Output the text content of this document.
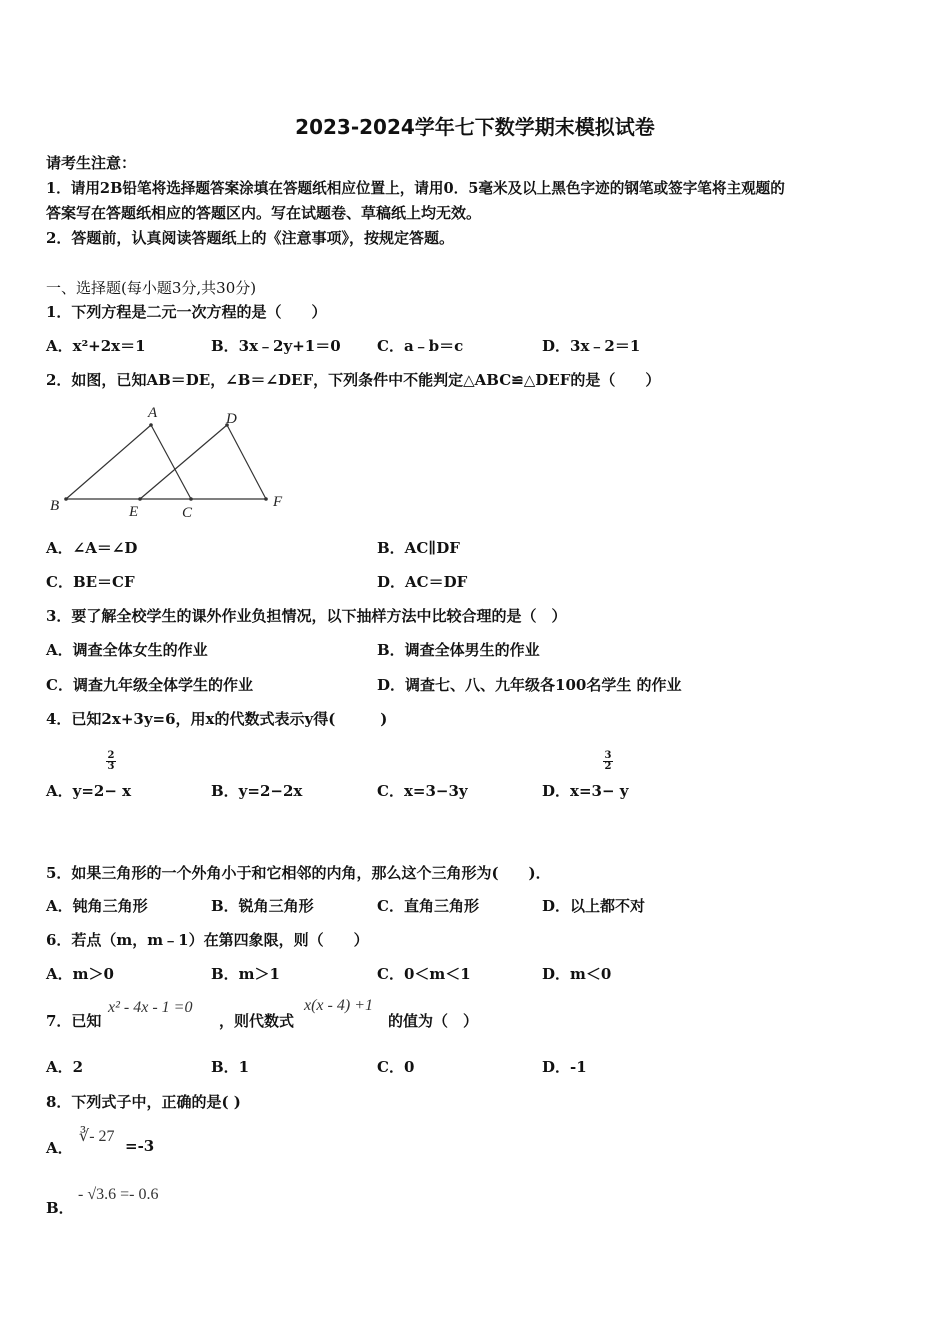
2023-2024学年七下数学期末模拟试卷
请考生注意：
1．请用2B铅笔将选择题答案涂填在答题纸相应位置上，请用0．5毫米及以上黑色字迹的钢笔或签字笔将主观题的
答案写在答题纸相应的答题区内。写在试题卷、草稿纸上均无效。
2．答题前，认真阅读答题纸上的《注意事项》，按规定答题。
一、选择题(每小题3分,共30分)
1．下列方程是二元一次方程的是（　　）
A．x²+2x＝1	B．3x﹣2y+1＝0 C．a﹣b＝c	D．3x﹣2＝1
2．如图，已知AB＝DE，∠B＝∠DEF，下列条件中不能判定△ABC≌△DEF的是（　　）
A
B	C
D
E
F
A．∠A＝∠D	B．AC∥DF
C．BE＝CF	D．AC＝DF
3．要了解全校学生的课外作业负担情况，以下抽样方法中比较合理的是（　）
A．调查全体女生的作业	B．调查全体男生的作业
C．调查九年级全体学生的作业	D．调查七、八、九年级各100名学生 的作业
4．已知2x+3y=6，用x的代数式表示y得(　　　)
$\frac{2}{3}$
A．y=2− x	B．y=2−2x	C．x=3−3y
$\frac{3}{2}$
D．x=3− y
5．如果三角形的一个外角小于和它相邻的内角，那么这个三角形为(　　)．
A．钝角三角形	B．锐角三角形	C．直角三角形	D．以上都不对
6．若点（m，m﹣1）在第四象限，则（　　）
A．m＞0	B．m＞1	C．0＜m＜1	D．m＜0
7．已知
x² - 4x - 1 =0
，则代数式
x(x - 4) +1
的值为（　）
A．2	B．1	C．0	D．-1
8．下列式子中，正确的是( )
A．
∛- 27
=-3
B．
- √3.6 =- 0.6
